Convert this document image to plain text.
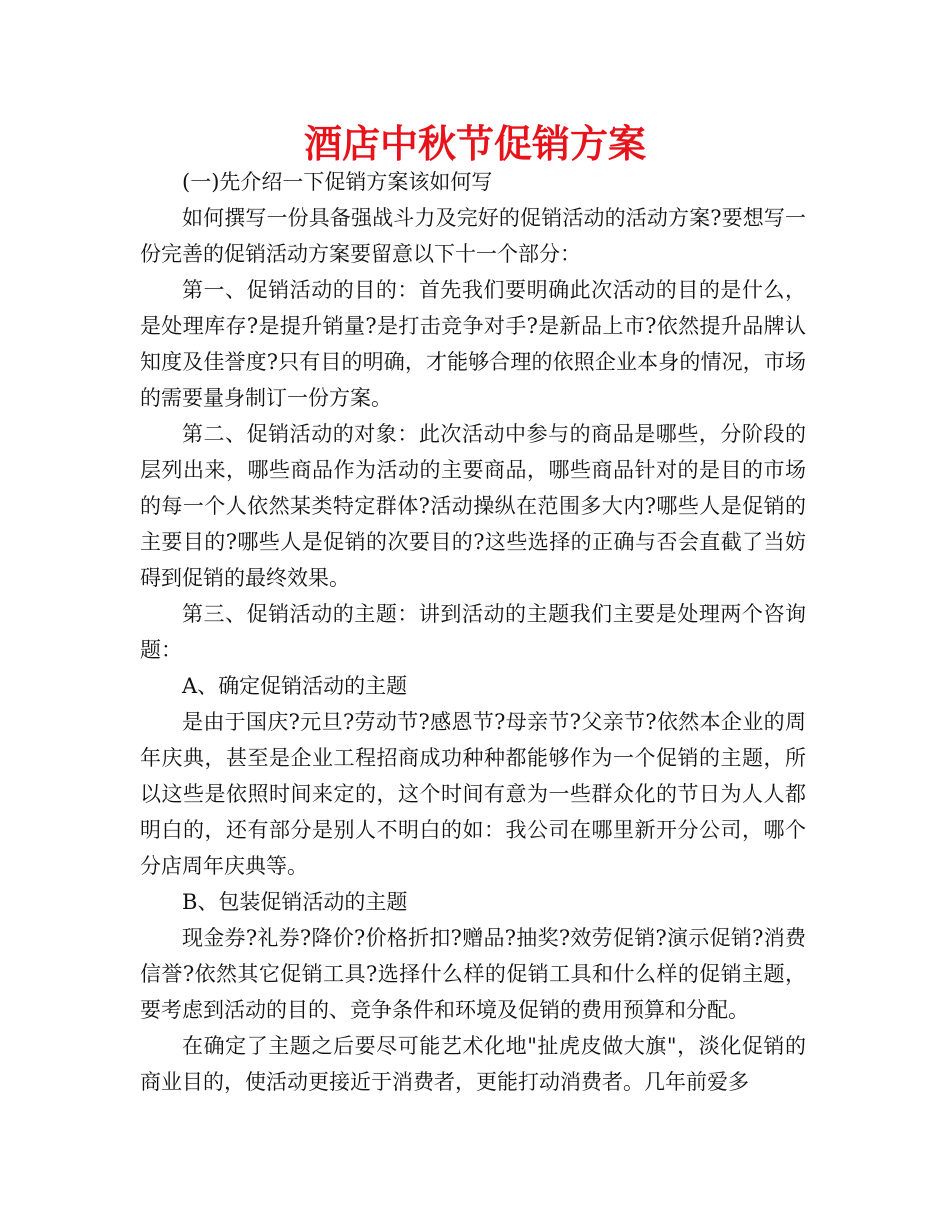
酒店中秋节促销方案

(一)先介绍一下促销方案该如何写

如何撰写一份具备强战斗力及完好的促销活动的活动方案?要想写一份完善的促销活动方案要留意以下十一个部分：

第一、促销活动的目的：首先我们要明确此次活动的目的是什么，是处理库存?是提升销量?是打击竞争对手?是新品上市?依然提升品牌认知度及佳誉度?只有目的明确，才能够合理的依照企业本身的情况，市场的需要量身制订一份方案。

第二、促销活动的对象：此次活动中参与的商品是哪些，分阶段的层列出来，哪些商品作为活动的主要商品，哪些商品针对的是目的市场的每一个人依然某类特定群体?活动操纵在范围多大内?哪些人是促销的主要目的?哪些人是促销的次要目的?这些选择的正确与否会直截了当妨碍到促销的最终效果。

第三、促销活动的主题：讲到活动的主题我们主要是处理两个咨询题：

A、确定促销活动的主题

是由于国庆?元旦?劳动节?感恩节?母亲节?父亲节?依然本企业的周年庆典，甚至是企业工程招商成功种种都能够作为一个促销的主题，所以这些是依照时间来定的，这个时间有意为一些群众化的节日为人人都明白的，还有部分是别人不明白的如：我公司在哪里新开分公司，哪个分店周年庆典等。

B、包装促销活动的主题

现金券?礼券?降价?价格折扣?赠品?抽奖?效劳促销?演示促销?消费信誉?依然其它促销工具?选择什么样的促销工具和什么样的促销主题，要考虑到活动的目的、竞争条件和环境及促销的费用预算和分配。

在确定了主题之后要尽可能艺术化地"扯虎皮做大旗"，淡化促销的商业目的，使活动更接近于消费者，更能打动消费者。几年前爱多
